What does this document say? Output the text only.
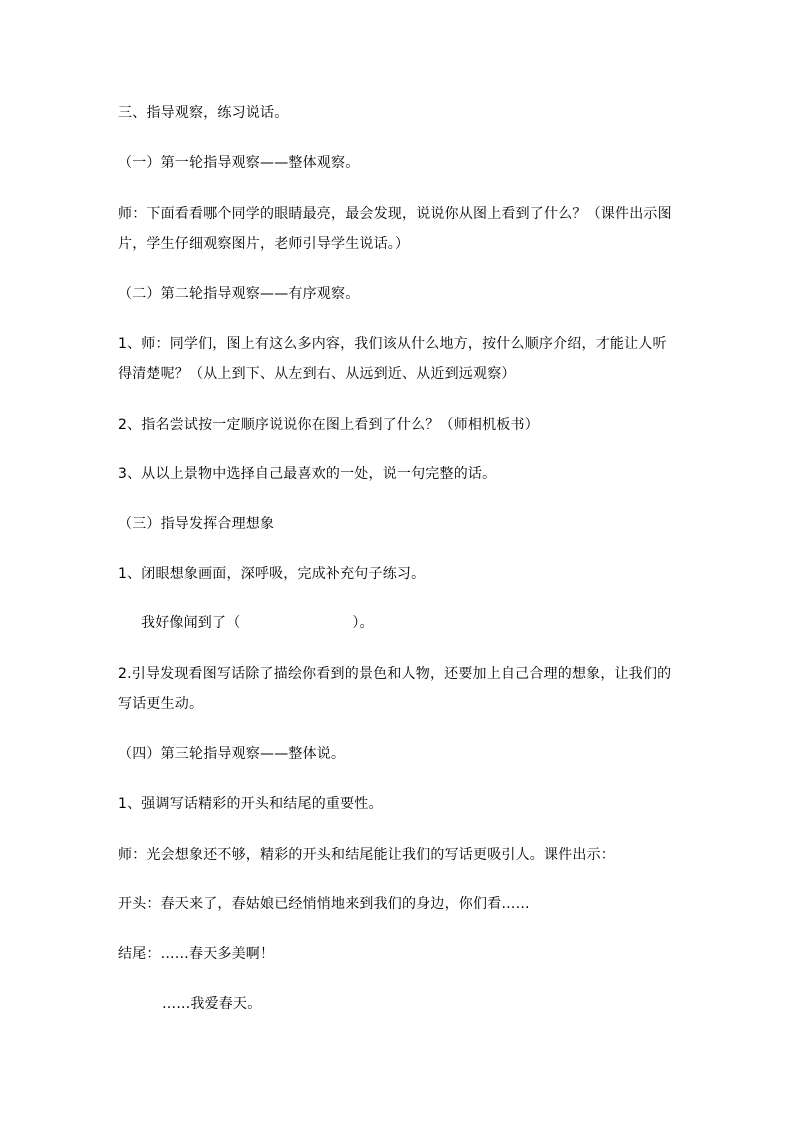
三、指导观察，练习说话。
（一）第一轮指导观察——整体观察。
师：下面看看哪个同学的眼睛最亮，最会发现，说说你从图上看到了什么？（课件出示图片，学生仔细观察图片，老师引导学生说话。）
（二）第二轮指导观察——有序观察。
1、师：同学们，图上有这么多内容，我们该从什么地方，按什么顺序介绍，才能让人听得清楚呢？（从上到下、从左到右、从远到近、从近到远观察）
2、指名尝试按一定顺序说说你在图上看到了什么？（师相机板书）
3、从以上景物中选择自己最喜欢的一处，说一句完整的话。
（三）指导发挥合理想象
1、闭眼想象画面，深呼吸，完成补充句子练习。
我好像闻到了（	）。
2.引导发现看图写话除了描绘你看到的景色和人物，还要加上自己合理的想象，让我们的写话更生动。
（四）第三轮指导观察——整体说。
1、强调写话精彩的开头和结尾的重要性。
师：光会想象还不够，精彩的开头和结尾能让我们的写话更吸引人。课件出示：
开头：春天来了，春姑娘已经悄悄地来到我们的身边，你们看……
结尾：……春天多美啊！
……我爱春天。
